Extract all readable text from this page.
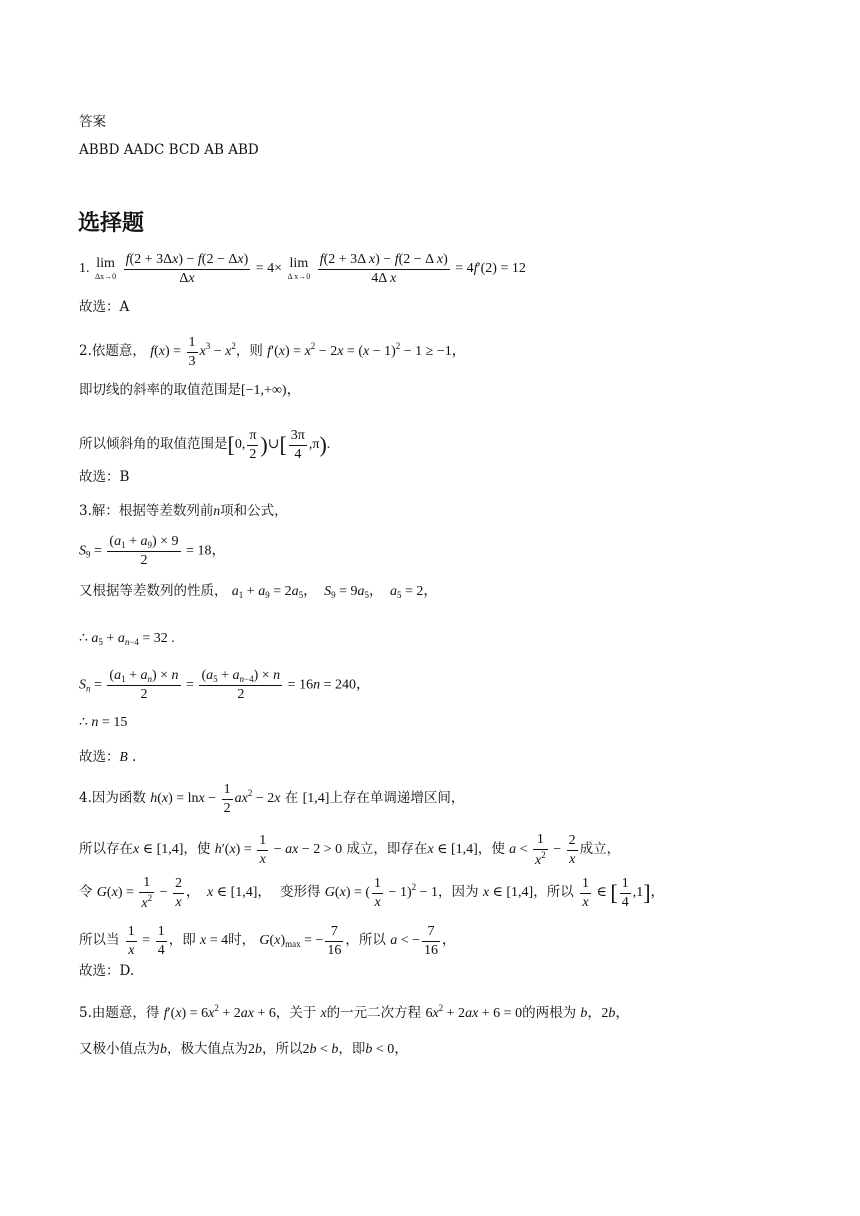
答案
ABBD AADC BCD AB ABD
选择题
1. lim
Δx→0
$\frac{f(2 + 3\Delta x) - f(2 - \Delta x)}{\Delta x} = 4\times \lim$
Δ x→0
$\frac{\text{f(2 + 3Δ x) − f(2 − Δ x)}}{\text{4Δ x}} = 4f'(2) = 12$
故选：A
2.依题意， $f(x) = \frac{1}{3} x^3 - x^2$，则 $f'(x) = x^2 - 2x = (x - 1)^2 - 1 \ge -1$，
即切线的斜率的取值范围是[−1,+∞)，
所以倾斜角的取值范围是[0, $\frac{\pi}{2}$ )∪[ $\frac{3\pi}{4} ,\pi$).
故选：B
3.解：根据等差数列前n项和公式，
$S_9 = \frac{(a_1 + a_9) \times 9}{2} = 18$，
又根据等差数列的性质， $a_1 + a_9 = 2a_5$，  $S_9 = 9a_5$，  $a_5 = 2$，
∴ $a_5 + a_{n-4} = 32$ .
$S_n = \frac{(a_1 + a_n) \times n}{2} = \frac{(a_5 + a_{n-4}) \times n}{2} = 16n = 240$，
∴ n = 15
故选：B .
4.因为函数 $h(x) = \ln x - \frac{1}{2} ax^2 - 2x$ 在 [1,4]上存在单调递增区间，
所以存在x ∈ [1,4]，使 $h'(x) = \frac{1}{x}$ − ax − 2 > 0 成立，即存在x ∈ [1,4]，使 $a < \frac{1}{x^2} - \frac{2}{x}$ 成立，
令 $G(x) = \frac{1}{x^2} - \frac{2}{x}$ ，  x ∈ [1,4]， 变形得 G(x) = ( $\frac{1}{x} - 1)^2 - 1$，因为 x ∈ [1,4]，所以 $\frac{1}{x}$ ∈ [ $\frac{1}{4} ,1$]，
所以当 $\frac{1}{x} = \frac{1}{4}$ ，即 x = 4时， $G(x)_{max}$ = − $\frac{7}{16}$ ，所以 a < − $\frac{7}{16}$ ，
故选：D.
5.由题意，得 $f'(x) = 6x^2 + 2ax + 6$，关于 x的一元二次方程 $6x^2 + 2ax + 6 = 0$的两根为 b，2b，
又极小值点为b，极大值点为2b，所以2b < b，即b < 0，
